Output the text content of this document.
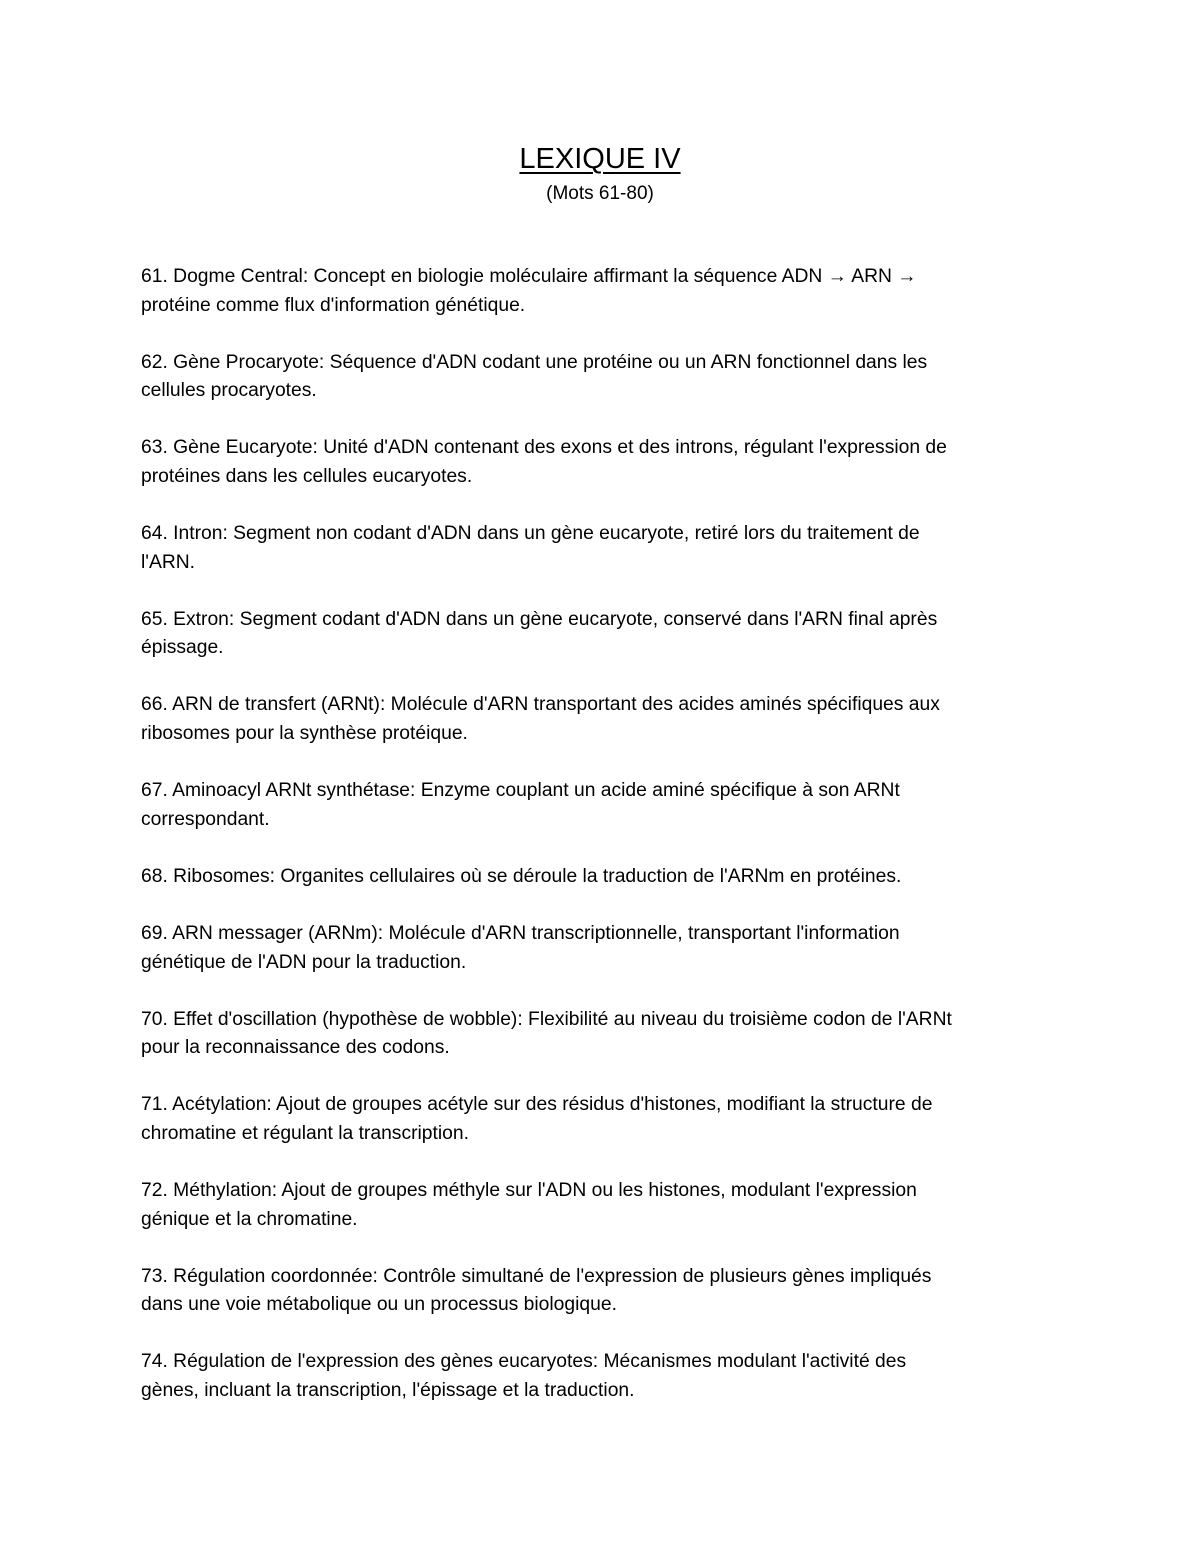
LEXIQUE IV
(Mots 61-80)
61. Dogme Central: Concept en biologie moléculaire affirmant la séquence ADN → ARN →
protéine comme flux d'information génétique.
62. Gène Procaryote: Séquence d'ADN codant une protéine ou un ARN fonctionnel dans les
cellules procaryotes.
63. Gène Eucaryote: Unité d'ADN contenant des exons et des introns, régulant l'expression de
protéines dans les cellules eucaryotes.
64. Intron: Segment non codant d'ADN dans un gène eucaryote, retiré lors du traitement de
l'ARN.
65. Extron: Segment codant d'ADN dans un gène eucaryote, conservé dans l'ARN final après
épissage.
66. ARN de transfert (ARNt): Molécule d'ARN transportant des acides aminés spécifiques aux
ribosomes pour la synthèse protéique.
67. Aminoacyl ARNt synthétase: Enzyme couplant un acide aminé spécifique à son ARNt
correspondant.
68. Ribosomes: Organites cellulaires où se déroule la traduction de l'ARNm en protéines.
69. ARN messager (ARNm): Molécule d'ARN transcriptionnelle, transportant l'information
génétique de l'ADN pour la traduction.
70. Effet d'oscillation (hypothèse de wobble): Flexibilité au niveau du troisième codon de l'ARNt
pour la reconnaissance des codons.
71. Acétylation: Ajout de groupes acétyle sur des résidus d'histones, modifiant la structure de
chromatine et régulant la transcription.
72. Méthylation: Ajout de groupes méthyle sur l'ADN ou les histones, modulant l'expression
génique et la chromatine.
73. Régulation coordonnée: Contrôle simultané de l'expression de plusieurs gènes impliqués
dans une voie métabolique ou un processus biologique.
74. Régulation de l'expression des gènes eucaryotes: Mécanismes modulant l'activité des
gènes, incluant la transcription, l'épissage et la traduction.
